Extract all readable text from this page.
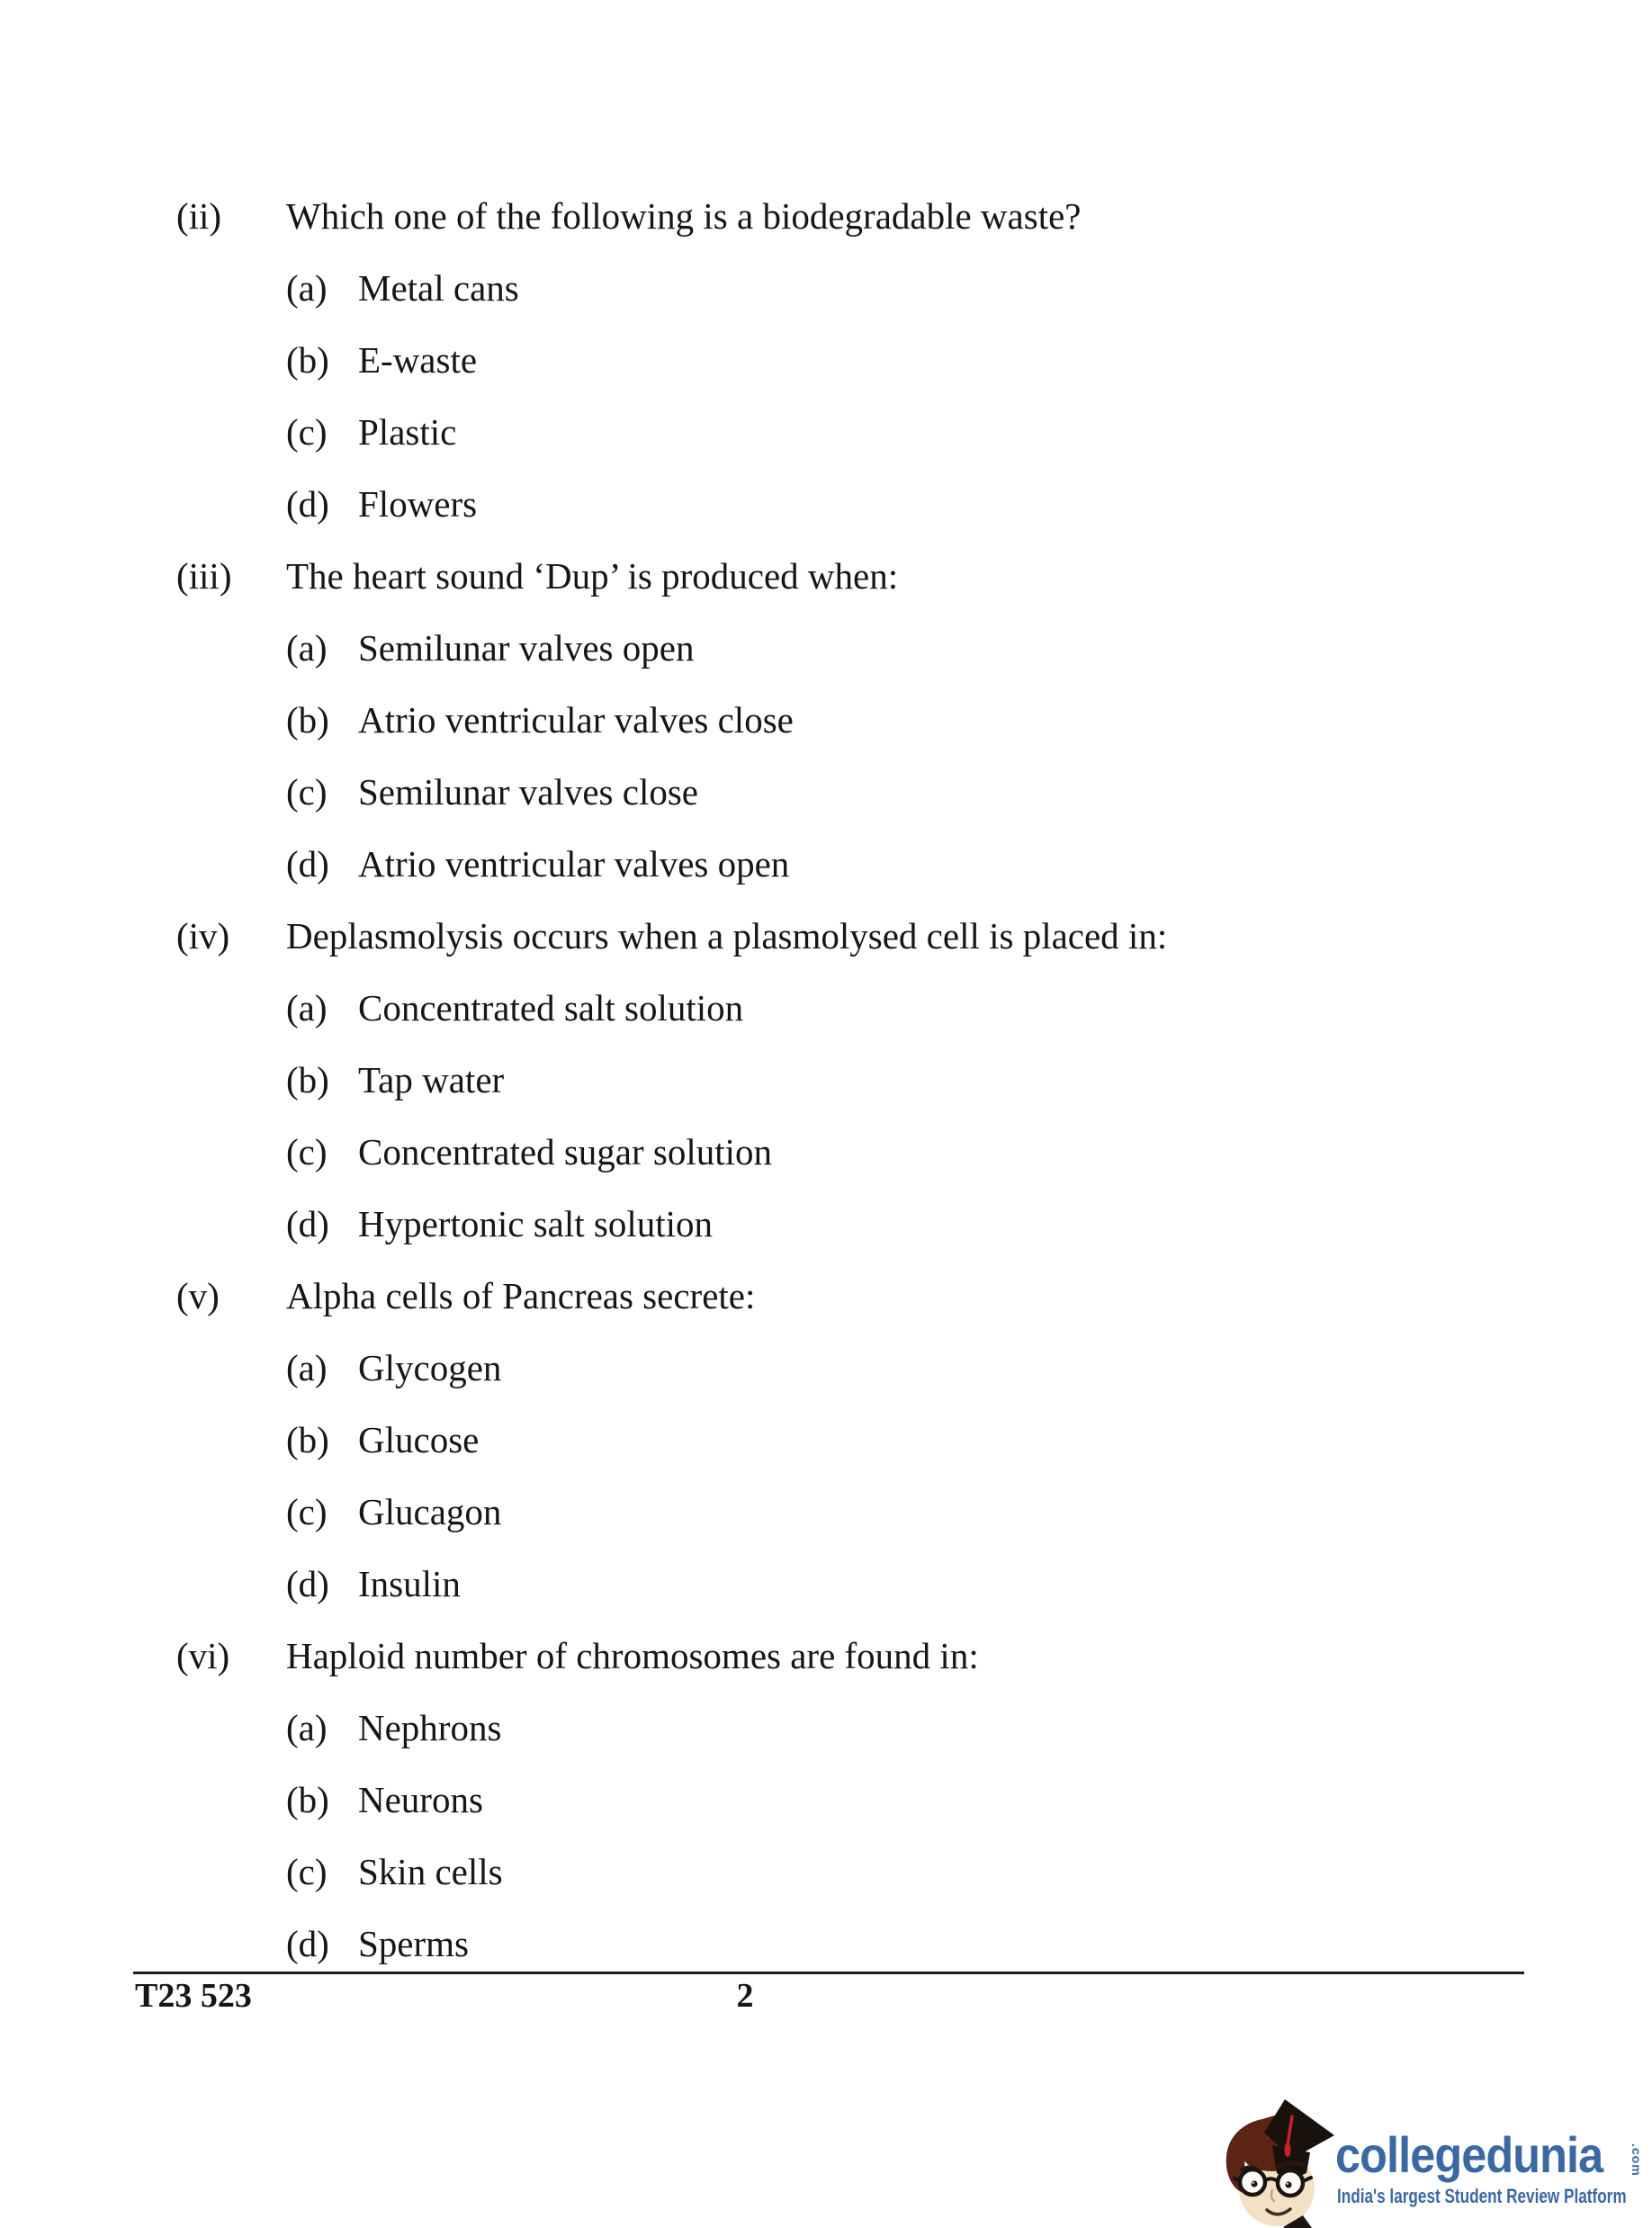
(ii) Which one of the following is a biodegradable waste?
(a) Metal cans
(b) E-waste
(c) Plastic
(d) Flowers
(iii) The heart sound ‘Dup’ is produced when:
(a) Semilunar valves open
(b) Atrio ventricular valves close
(c) Semilunar valves close
(d) Atrio ventricular valves open
(iv) Deplasmolysis occurs when a plasmolysed cell is placed in:
(a) Concentrated salt solution
(b) Tap water
(c) Concentrated sugar solution
(d) Hypertonic salt solution
(v) Alpha cells of Pancreas secrete:
(a) Glycogen
(b) Glucose
(c) Glucagon
(d) Insulin
(vi) Haploid number of chromosomes are found in:
(a) Nephrons
(b) Neurons
(c) Skin cells
(d) Sperms
T23 523	2
collegedunia .com
India's largest Student Review Platform
